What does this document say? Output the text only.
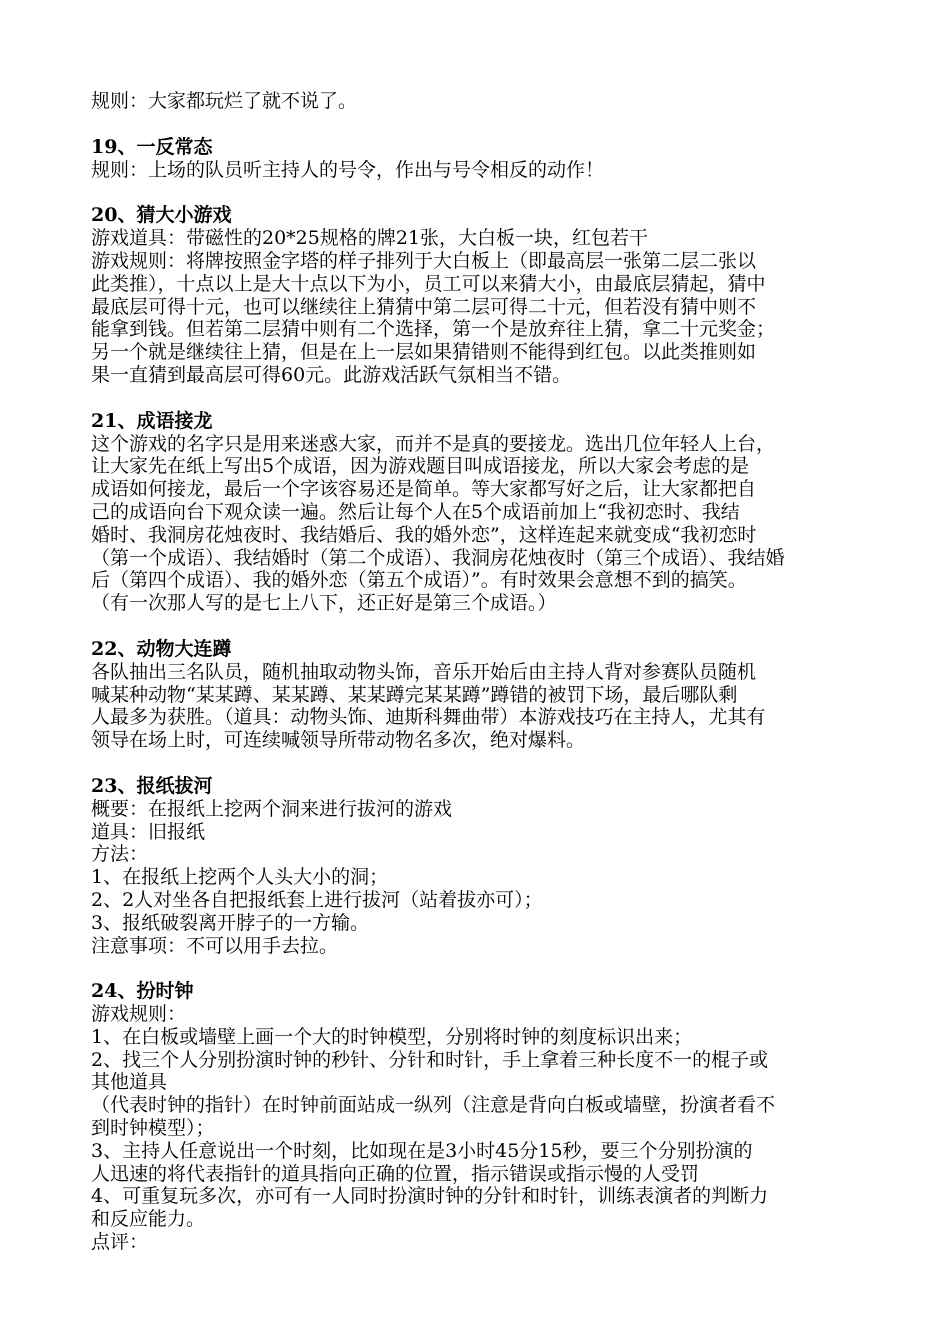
规则：大家都玩烂了就不说了。
19、一反常态
规则：上场的队员听主持人的号令，作出与号令相反的动作！
20、猜大小游戏
游戏道具：带磁性的20*25规格的牌21张，大白板一块，红包若干
游戏规则：将牌按照金字塔的样子排列于大白板上（即最高层一张第二层二张以
此类推），十点以上是大十点以下为小，员工可以来猜大小，由最底层猜起，猜中
最底层可得十元，也可以继续往上猜猜中第二层可得二十元，但若没有猜中则不
能拿到钱。但若第二层猜中则有二个选择，第一个是放弃往上猜，拿二十元奖金；
另一个就是继续往上猜，但是在上一层如果猜错则不能得到红包。以此类推则如
果一直猜到最高层可得60元。此游戏活跃气氛相当不错。
21、成语接龙
这个游戏的名字只是用来迷惑大家，而并不是真的要接龙。选出几位年轻人上台，
让大家先在纸上写出5个成语，因为游戏题目叫成语接龙，所以大家会考虑的是
成语如何接龙，最后一个字该容易还是简单。等大家都写好之后，让大家都把自
己的成语向台下观众读一遍。然后让每个人在5个成语前加上“我初恋时、我结
婚时、我洞房花烛夜时、我结婚后、我的婚外恋”，这样连起来就变成“我初恋时
（第一个成语）、我结婚时（第二个成语）、我洞房花烛夜时（第三个成语）、我结婚
后（第四个成语）、我的婚外恋（第五个成语）”。有时效果会意想不到的搞笑。
（有一次那人写的是七上八下，还正好是第三个成语。）
22、动物大连蹲
各队抽出三名队员，随机抽取动物头饰，音乐开始后由主持人背对参赛队员随机
喊某种动物“某某蹲、某某蹲、某某蹲完某某蹲”蹲错的被罚下场，最后哪队剩
人最多为获胜。（道具：动物头饰、迪斯科舞曲带）本游戏技巧在主持人，尤其有
领导在场上时，可连续喊领导所带动物名多次，绝对爆料。
23、报纸拔河
概要：在报纸上挖两个洞来进行拔河的游戏
道具：旧报纸
方法：
1、在报纸上挖两个人头大小的洞；
2、2人对坐各自把报纸套上进行拔河（站着拔亦可）；
3、报纸破裂离开脖子的一方输。
注意事项：不可以用手去拉。
24、扮时钟
游戏规则：
1、在白板或墙壁上画一个大的时钟模型，分别将时钟的刻度标识出来；
2、找三个人分别扮演时钟的秒针、分针和时针，手上拿着三种长度不一的棍子或
其他道具
（代表时钟的指针）在时钟前面站成一纵列（注意是背向白板或墙壁，扮演者看不
到时钟模型）；
3、主持人任意说出一个时刻，比如现在是3小时45分15秒，要三个分别扮演的
人迅速的将代表指针的道具指向正确的位置，指示错误或指示慢的人受罚
4、可重复玩多次，亦可有一人同时扮演时钟的分针和时针，训练表演者的判断力
和反应能力。
点评：
